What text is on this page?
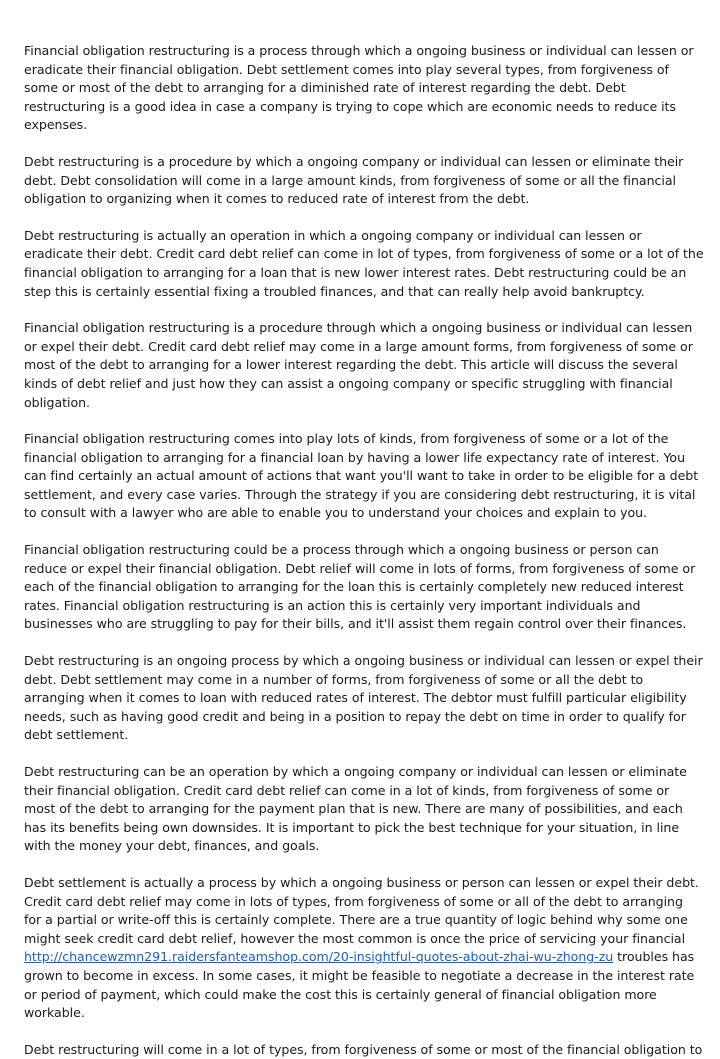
Financial obligation restructuring is a process through which a ongoing business or individual can lessen or eradicate their financial obligation. Debt settlement comes into play several types, from forgiveness of some or most of the debt to arranging for a diminished rate of interest regarding the debt. Debt restructuring is a good idea in case a company is trying to cope which are economic needs to reduce its expenses.

Debt restructuring is a procedure by which a ongoing company or individual can lessen or eliminate their debt. Debt consolidation will come in a large amount kinds, from forgiveness of some or all the financial obligation to organizing when it comes to reduced rate of interest from the debt.

Debt restructuring is actually an operation in which a ongoing company or individual can lessen or eradicate their debt. Credit card debt relief can come in lot of types, from forgiveness of some or a lot of the financial obligation to arranging for a loan that is new lower interest rates. Debt restructuring could be an step this is certainly essential fixing a troubled finances, and that can really help avoid bankruptcy.

Financial obligation restructuring is a procedure through which a ongoing business or individual can lessen or expel their debt. Credit card debt relief may come in a large amount forms, from forgiveness of some or most of the debt to arranging for a lower interest regarding the debt. This article will discuss the several kinds of debt relief and just how they can assist a ongoing company or specific struggling with financial obligation.

Financial obligation restructuring comes into play lots of kinds, from forgiveness of some or a lot of the financial obligation to arranging for a financial loan by having a lower life expectancy rate of interest. You can find certainly an actual amount of actions that want you'll want to take in order to be eligible for a debt settlement, and every case varies. Through the strategy if you are considering debt restructuring, it is vital to consult with a lawyer who are able to enable you to understand your choices and explain to you.

Financial obligation restructuring could be a process through which a ongoing business or person can reduce or expel their financial obligation. Debt relief will come in lots of forms, from forgiveness of some or each of the financial obligation to arranging for the loan this is certainly completely new reduced interest rates. Financial obligation restructuring is an action this is certainly very important individuals and businesses who are struggling to pay for their bills, and it'll assist them regain control over their finances.

Debt restructuring is an ongoing process by which a ongoing business or individual can lessen or expel their debt. Debt settlement may come in a number of forms, from forgiveness of some or all the debt to arranging when it comes to loan with reduced rates of interest. The debtor must fulfill particular eligibility needs, such as having good credit and being in a position to repay the debt on time in order to qualify for debt settlement.

Debt restructuring can be an operation by which a ongoing company or individual can lessen or eliminate their financial obligation. Credit card debt relief can come in a lot of kinds, from forgiveness of some or most of the debt to arranging for the payment plan that is new. There are many of possibilities, and each has its benefits being own downsides. It is important to pick the best technique for your situation, in line with the money your debt, finances, and goals.

Debt settlement is actually a process by which a ongoing business or person can lessen or expel their debt. Credit card debt relief may come in lots of types, from forgiveness of some or all of the debt to arranging for a partial or write-off this is certainly complete. There are a true quantity of logic behind why some one might seek credit card debt relief, however the most common is once the price of servicing your financial http://chancewzmn291.raidersfanteamshop.com/20-insightful-quotes-about-zhai-wu-zhong-zu troubles has grown to become in excess. In some cases, it might be feasible to negotiate a decrease in the interest rate or period of payment, which could make the cost this is certainly general of financial obligation more workable.

Debt restructuring will come in a lot of types, from forgiveness of some or most of the financial obligation to
